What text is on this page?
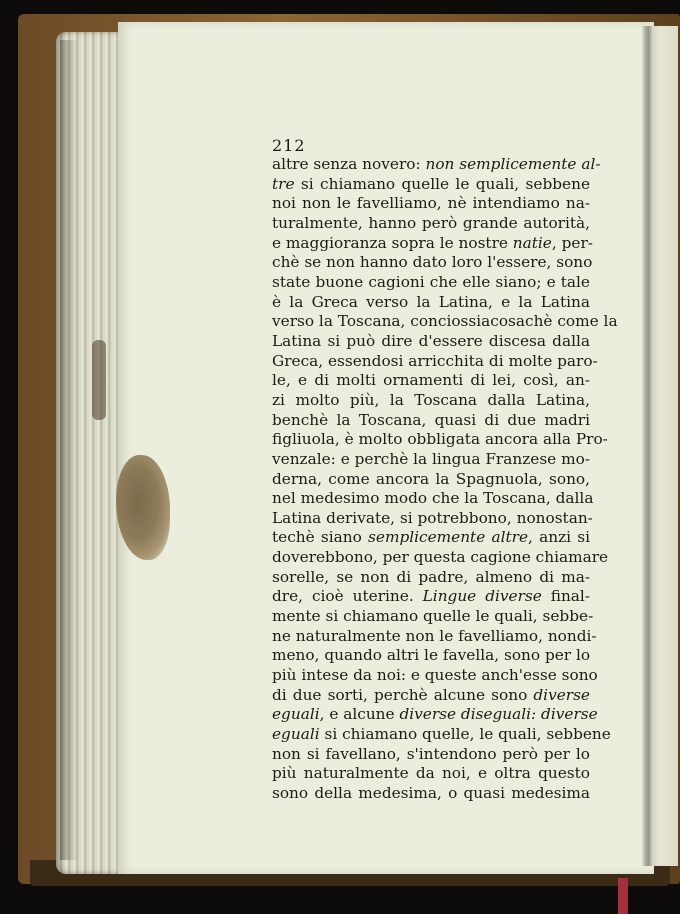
212
altre senza novero: non semplicemente al-
tre si chiamano quelle le quali, sebbene
noi non le favelliamo, nè intendiamo na-
turalmente, hanno però grande autorità,
e maggioranza sopra le nostre natie, per-
chè se non hanno dato loro l'essere, sono
state buone cagioni che elle siano; e tale
è la Greca verso la Latina, e la Latina
verso la Toscana, conciossiacosachè come la
Latina si può dire d'essere discesa dalla
Greca, essendosi arricchita di molte paro-
le, e di molti ornamenti di lei, così, an-
zi molto più, la Toscana dalla Latina,
benchè la Toscana, quasi di due madri
figliuola, è molto obbligata ancora alla Pro-
venzale: e perchè la lingua Franzese mo-
derna, come ancora la Spagnuola, sono,
nel medesimo modo che la Toscana, dalla
Latina derivate, si potrebbono, nonostan-
techè siano semplicemente altre, anzi si
doverebbono, per questa cagione chiamare
sorelle, se non di padre, almeno di ma-
dre, cioè uterine. Lingue diverse final-
mente si chiamano quelle le quali, sebbe-
ne naturalmente non le favelliamo, nondi-
meno, quando altri le favella, sono per lo
più intese da noi: e queste anch'esse sono
di due sorti, perchè alcune sono diverse
eguali, e alcune diverse diseguali: diverse
eguali si chiamano quelle, le quali, sebbene
non si favellano, s'intendono però per lo
più naturalmente da noi, e oltra questo
sono della medesima, o quasi medesima
